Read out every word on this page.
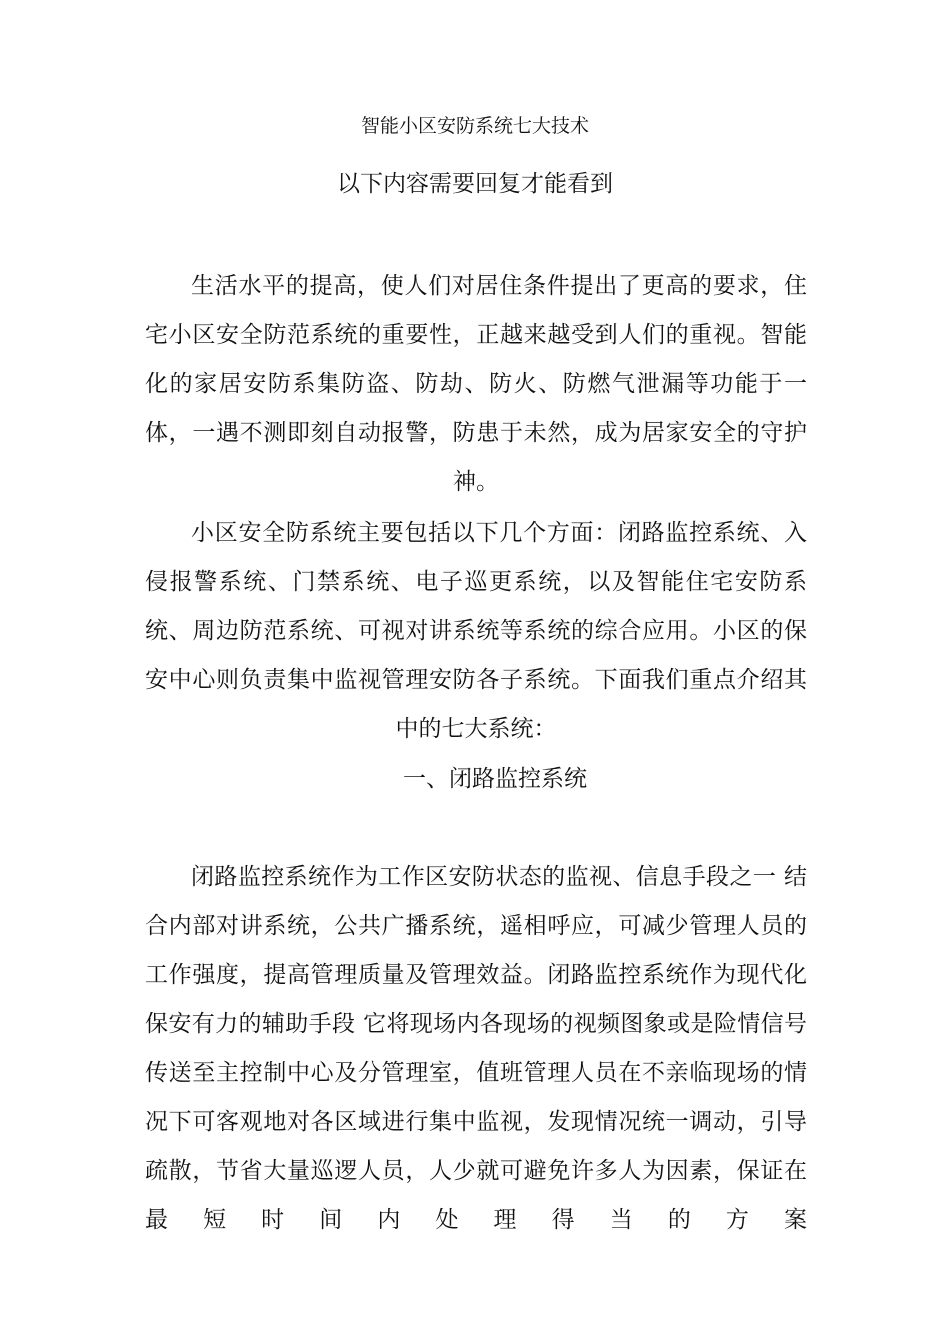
智能小区安防系统七大技术
以下内容需要回复才能看到

生活水平的提高，使人们对居住条件提出了更高的要求，住宅小区安全防范系统的重要性，正越来越受到人们的重视。智能化的家居安防系集防盗、防劫、防火、防燃气泄漏等功能于一体，一遇不测即刻自动报警，防患于未然，成为居家安全的守护神。

小区安全防系统主要包括以下几个方面：闭路监控系统、入侵报警系统、门禁系统、电子巡更系统，以及智能住宅安防系统、周边防范系统、可视对讲系统等系统的综合应用。小区的保安中心则负责集中监视管理安防各子系统。下面我们重点介绍其中的七大系统：

一、闭路监控系统

闭路监控系统作为工作区安防状态的监视、信息手段之一 结合内部对讲系统，公共广播系统，遥相呼应，可减少管理人员的工作强度，提高管理质量及管理效益。闭路监控系统作为现代化保安有力的辅助手段 它将现场内各现场的视频图象或是险情信号传送至主控制中心及分管理室，值班管理人员在不亲临现场的情况下可客观地对各区域进行集中监视，发现情况统一调动，引导疏散，节省大量巡逻人员，人少就可避免许多人为因素，保证在最短时间内处理得当的方案
